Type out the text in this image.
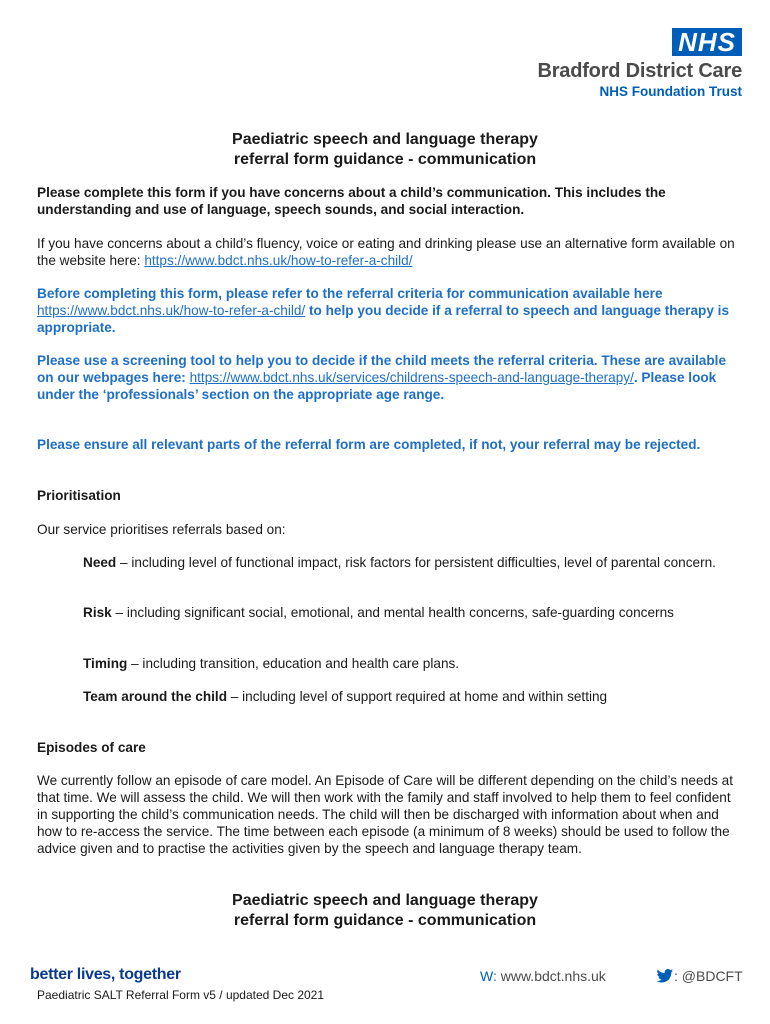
NHS
Bradford District Care
NHS Foundation Trust
Paediatric speech and language therapy
referral form guidance - communication
Please complete this form if you have concerns about a child’s communication. This includes the understanding and use of language, speech sounds, and social interaction.
If you have concerns about a child’s fluency, voice or eating and drinking please use an alternative form available on the website here: https://www.bdct.nhs.uk/how-to-refer-a-child/
Before completing this form, please refer to the referral criteria for communication available here https://www.bdct.nhs.uk/how-to-refer-a-child/ to help you decide if a referral to speech and language therapy is appropriate.
Please use a screening tool to help you to decide if the child meets the referral criteria. These are available on our webpages here: https://www.bdct.nhs.uk/services/childrens-speech-and-language-therapy/. Please look under the ‘professionals’ section on the appropriate age range.
Please ensure all relevant parts of the referral form are completed, if not, your referral may be rejected.
Prioritisation
Our service prioritises referrals based on:
Need – including level of functional impact, risk factors for persistent difficulties, level of parental concern.
Risk – including significant social, emotional, and mental health concerns, safe-guarding concerns
Timing – including transition, education and health care plans.
Team around the child – including level of support required at home and within setting
Episodes of care
We currently follow an episode of care model. An Episode of Care will be different depending on the child’s needs at that time. We will assess the child. We will then work with the family and staff involved to help them to feel confident in supporting the child’s communication needs. The child will then be discharged with information about when and how to re-access the service. The time between each episode (a minimum of 8 weeks) should be used to follow the advice given and to practise the activities given by the speech and language therapy team.
Paediatric speech and language therapy
referral form guidance - communication
better lives, together	W: www.bdct.nhs.uk	: @BDCFT
Paediatric SALT Referral Form v5 / updated Dec 2021
